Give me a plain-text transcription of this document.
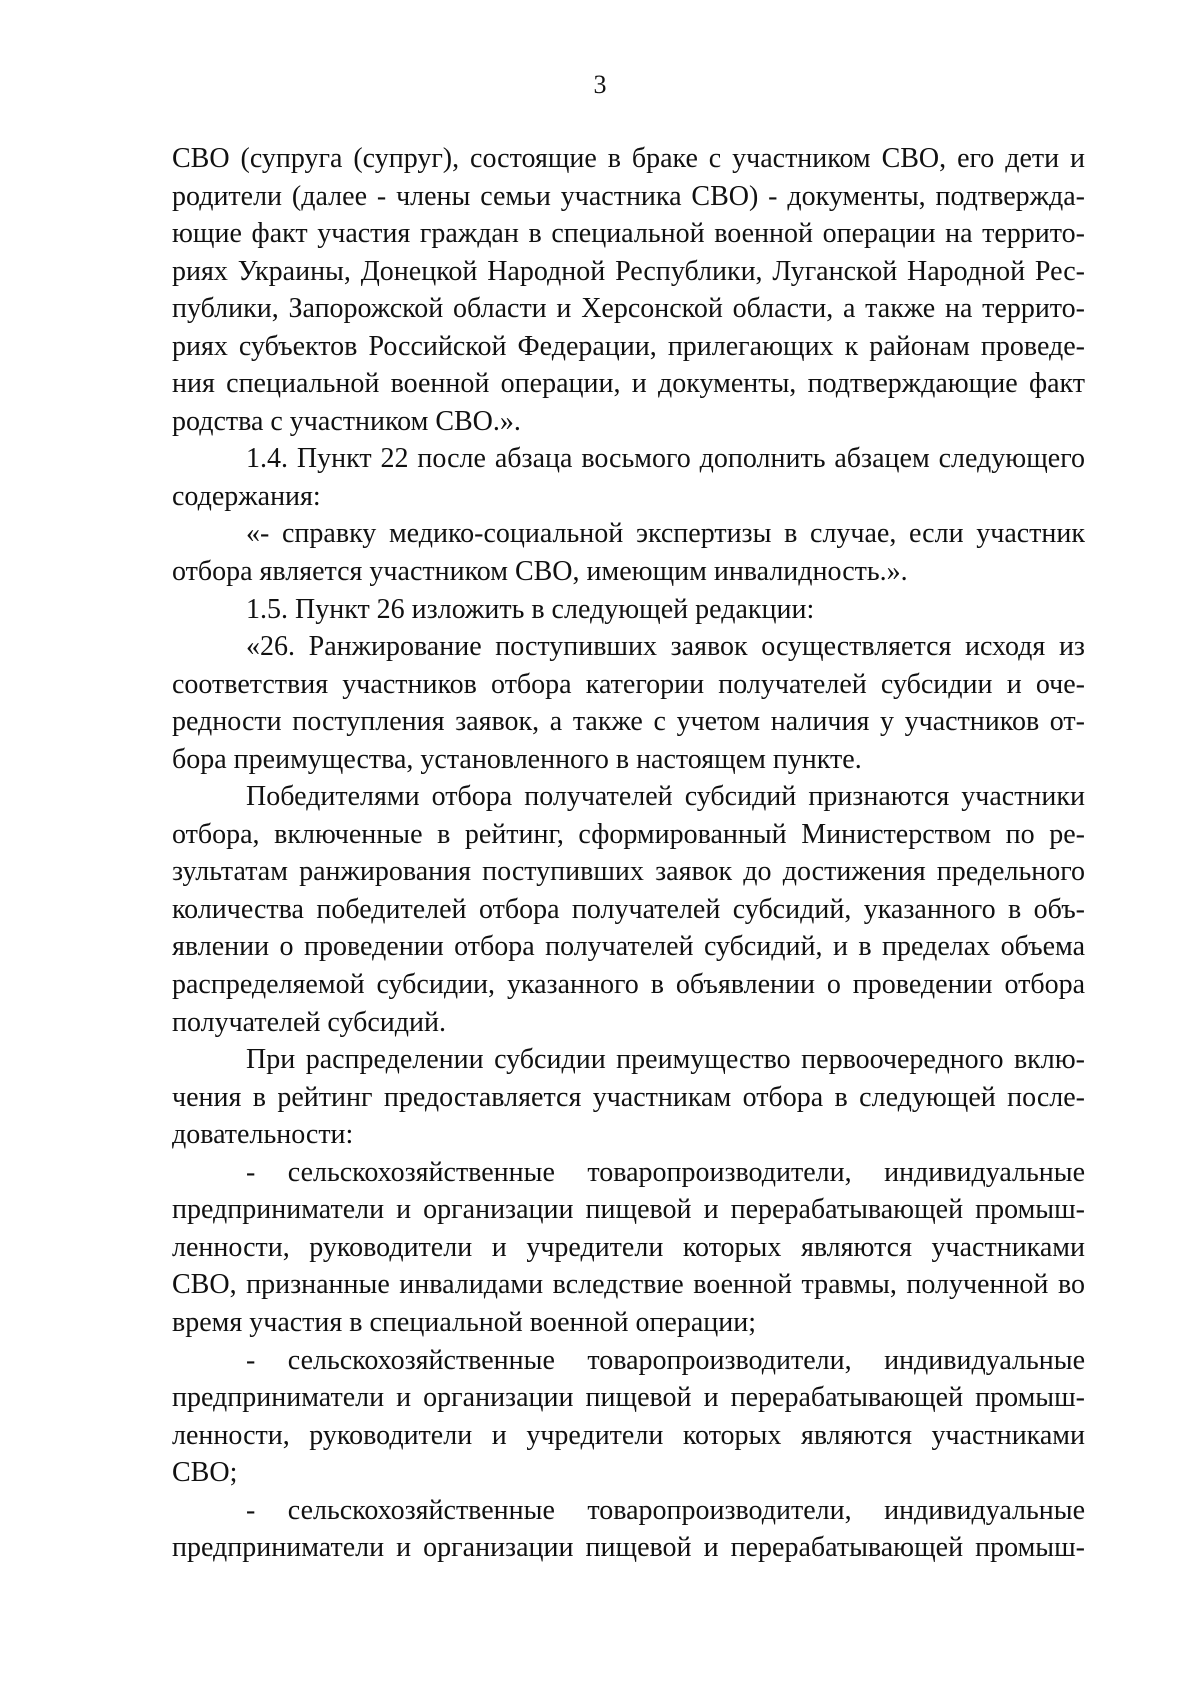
3
СВО (супруга (супруг), состоящие в браке с участником СВО, его дети и
родители (далее - члены семьи участника СВО) - документы, подтвержда-
ющие факт участия граждан в специальной военной операции на террито-
риях Украины, Донецкой Народной Республики, Луганской Народной Рес-
публики, Запорожской области и Херсонской области, а также на террито-
риях субъектов Российской Федерации, прилегающих к районам проведе-
ния специальной военной операции, и документы, подтверждающие факт
родства с участником СВО.».
1.4. Пункт 22 после абзаца восьмого дополнить абзацем следующего
содержания:
«- справку медико-социальной экспертизы в случае, если участник
отбора является участником СВО, имеющим инвалидность.».
1.5. Пункт 26 изложить в следующей редакции:
«26. Ранжирование поступивших заявок осуществляется исходя из
соответствия участников отбора категории получателей субсидии и оче-
редности поступления заявок, а также с учетом наличия у участников от-
бора преимущества, установленного в настоящем пункте.
Победителями отбора получателей субсидий признаются участники
отбора, включенные в рейтинг, сформированный Министерством по ре-
зультатам ранжирования поступивших заявок до достижения предельного
количества победителей отбора получателей субсидий, указанного в объ-
явлении о проведении отбора получателей субсидий, и в пределах объема
распределяемой субсидии, указанного в объявлении о проведении отбора
получателей субсидий.
При распределении субсидии преимущество первоочередного вклю-
чения в рейтинг предоставляется участникам отбора в следующей после-
довательности:
- сельскохозяйственные товаропроизводители, индивидуальные
предприниматели и организации пищевой и перерабатывающей промыш-
ленности, руководители и учредители которых являются участниками
СВО, признанные инвалидами вследствие военной травмы, полученной во
время участия в специальной военной операции;
- сельскохозяйственные товаропроизводители, индивидуальные
предприниматели и организации пищевой и перерабатывающей промыш-
ленности, руководители и учредители которых являются участниками
СВО;
- сельскохозяйственные товаропроизводители, индивидуальные
предприниматели и организации пищевой и перерабатывающей промыш-
